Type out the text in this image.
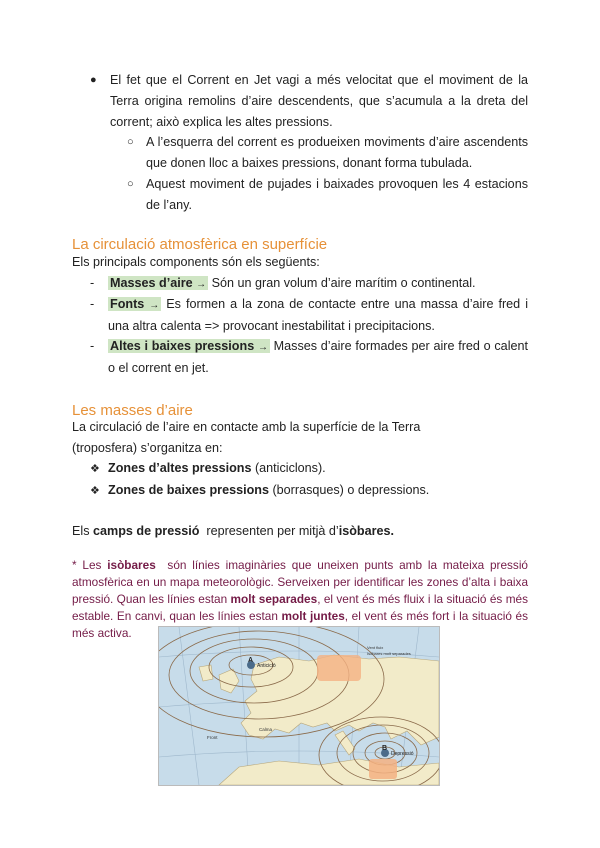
● El fet que el Corrent en Jet vagi a més velocitat que el moviment de la Terra origina remolins d’aire descendents, que s’acumula a la dreta del corrent; això explica les altes pressions.

○ A l’esquerra del corrent es produeixen moviments d’aire ascendents que donen lloc a baixes pressions, donant forma tubulada.

○ Aquest moviment de pujades i baixades provoquen les 4 estacions de l’any.

La circulació atmosfèrica en superfície

Els principals components són els següents:

- Masses d’aire → Són un gran volum d’aire marítim o continental.

- Fonts → Es formen a la zona de contacte entre una massa d’aire fred i una altra calenta => provocant inestabilitat i precipitacions.

- Altes i baixes pressions → Masses d’aire formades per aire fred o calent o el corrent en jet.

Les masses d’aire

La circulació de l’aire en contacte amb la superfície de la Terra (troposfera) s’organitza en:

❖ Zones d’altes pressions (anticiclons).

❖ Zones de baixes pressions (borrasques) o depressions.

Els camps de pressió  representen per mitjà d’isòbares.

* Les isòbares  són línies imaginàries que uneixen punts amb la mateixa pressió atmosfèrica en un mapa meteorològic. Serveixen per identificar les zones d’alta i baixa pressió. Quan les línies estan molt separades, el vent és més fluix i la situació és més estable. En canvi, quan les línies estan molt juntes, el vent és més fort i la situació és més activa.

A
Anticicló
B
Depressió
Calma
Front
Vent fluix
Isòbares molt separades
